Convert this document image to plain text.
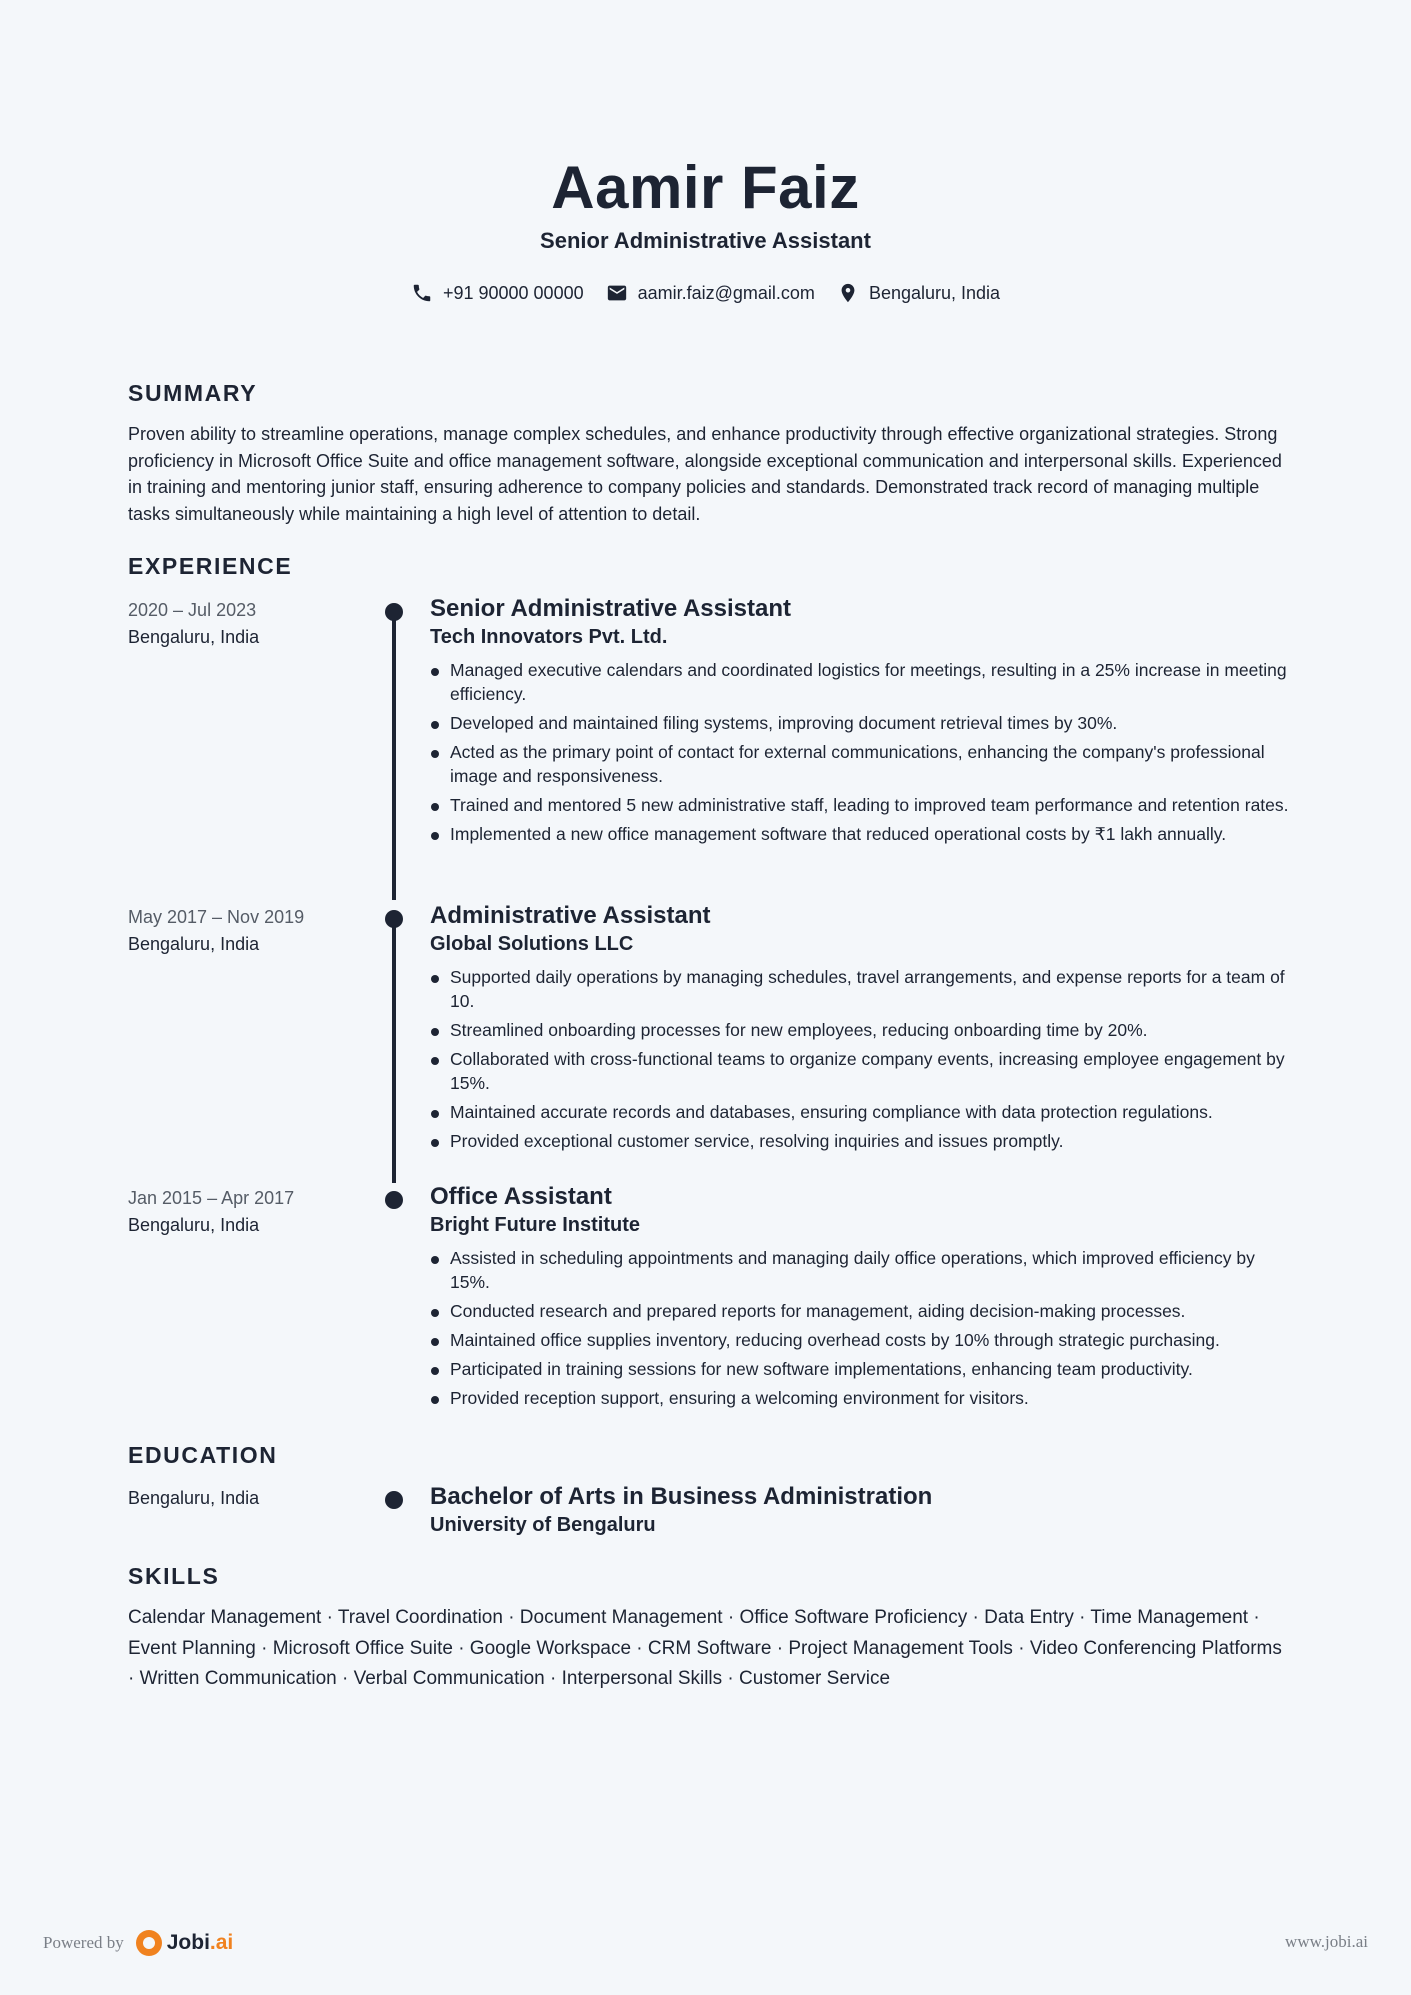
Aamir Faiz
Senior Administrative Assistant
+91 90000 00000	aamir.faiz@gmail.com	Bengaluru, India
SUMMARY
Proven ability to streamline operations, manage complex schedules, and enhance productivity through effective organizational strategies. Strong proficiency in Microsoft Office Suite and office management software, alongside exceptional communication and interpersonal skills. Experienced in training and mentoring junior staff, ensuring adherence to company policies and standards. Demonstrated track record of managing multiple tasks simultaneously while maintaining a high level of attention to detail.
EXPERIENCE
2020 – Jul 2023
Bengaluru, India
Senior Administrative Assistant
Tech Innovators Pvt. Ltd.
Managed executive calendars and coordinated logistics for meetings, resulting in a 25% increase in meeting efficiency.
Developed and maintained filing systems, improving document retrieval times by 30%.
Acted as the primary point of contact for external communications, enhancing the company's professional image and responsiveness.
Trained and mentored 5 new administrative staff, leading to improved team performance and retention rates.
Implemented a new office management software that reduced operational costs by ₹1 lakh annually.
May 2017 – Nov 2019
Bengaluru, India
Administrative Assistant
Global Solutions LLC
Supported daily operations by managing schedules, travel arrangements, and expense reports for a team of 10.
Streamlined onboarding processes for new employees, reducing onboarding time by 20%.
Collaborated with cross-functional teams to organize company events, increasing employee engagement by 15%.
Maintained accurate records and databases, ensuring compliance with data protection regulations.
Provided exceptional customer service, resolving inquiries and issues promptly.
Jan 2015 – Apr 2017
Bengaluru, India
Office Assistant
Bright Future Institute
Assisted in scheduling appointments and managing daily office operations, which improved efficiency by 15%.
Conducted research and prepared reports for management, aiding decision-making processes.
Maintained office supplies inventory, reducing overhead costs by 10% through strategic purchasing.
Participated in training sessions for new software implementations, enhancing team productivity.
Provided reception support, ensuring a welcoming environment for visitors.
EDUCATION
Bengaluru, India	Bachelor of Arts in Business Administration
University of Bengaluru
SKILLS
Calendar Management · Travel Coordination · Document Management · Office Software Proficiency · Data Entry · Time Management · Event Planning · Microsoft Office Suite · Google Workspace · CRM Software · Project Management Tools · Video Conferencing Platforms · Written Communication · Verbal Communication · Interpersonal Skills · Customer Service
Powered by Jobi .ai	www.jobi.ai
